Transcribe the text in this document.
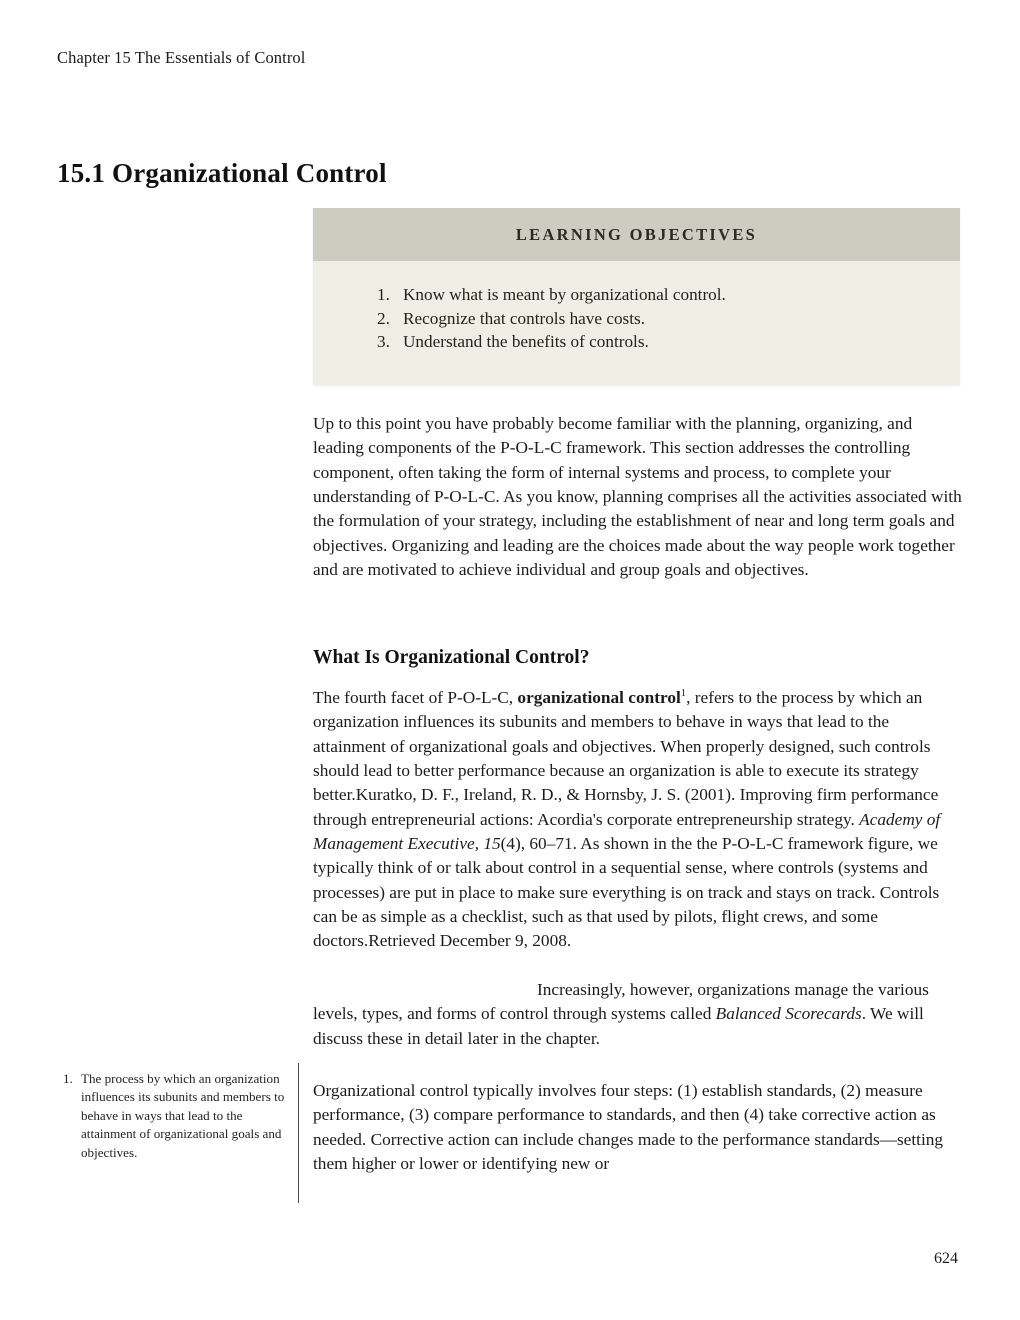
Chapter 15 The Essentials of Control
15.1 Organizational Control
LEARNING OBJECTIVES
1. Know what is meant by organizational control.
2. Recognize that controls have costs.
3. Understand the benefits of controls.

Up to this point you have probably become familiar with the planning, organizing, and leading components of the P-O-L-C framework. This section addresses the controlling component, often taking the form of internal systems and process, to complete your understanding of P-O-L-C. As you know, planning comprises all the activities associated with the formulation of your strategy, including the establishment of near and long term goals and objectives. Organizing and leading are the choices made about the way people work together and are motivated to achieve individual and group goals and objectives.

What Is Organizational Control?

The fourth facet of P-O-L-C, organizational control$^1$, refers to the process by which an organization influences its subunits and members to behave in ways that lead to the attainment of organizational goals and objectives. When properly designed, such controls should lead to better performance because an organization is able to execute its strategy better.Kuratko, D. F., Ireland, R. D., & Hornsby, J. S. (2001). Improving firm performance through entrepreneurial actions: Acordia's corporate entrepreneurship strategy. Academy of Management Executive, 15(4), 60–71. As shown in the the P-O-L-C framework figure, we typically think of or talk about control in a sequential sense, where controls (systems and processes) are put in place to make sure everything is on track and stays on track. Controls can be as simple as a checklist, such as that used by pilots, flight crews, and some doctors.Retrieved December 9, 2008.

Increasingly, however, organizations manage the various levels, types, and forms of control through systems called Balanced Scorecards. We will discuss these in detail later in the chapter.

1. The process by which an organization influences its subunits and members to behave in ways that lead to the attainment of organizational goals and objectives.

Organizational control typically involves four steps: (1) establish standards, (2) measure performance, (3) compare performance to standards, and then (4) take corrective action as needed. Corrective action can include changes made to the performance standards—setting them higher or lower or identifying new or

624
